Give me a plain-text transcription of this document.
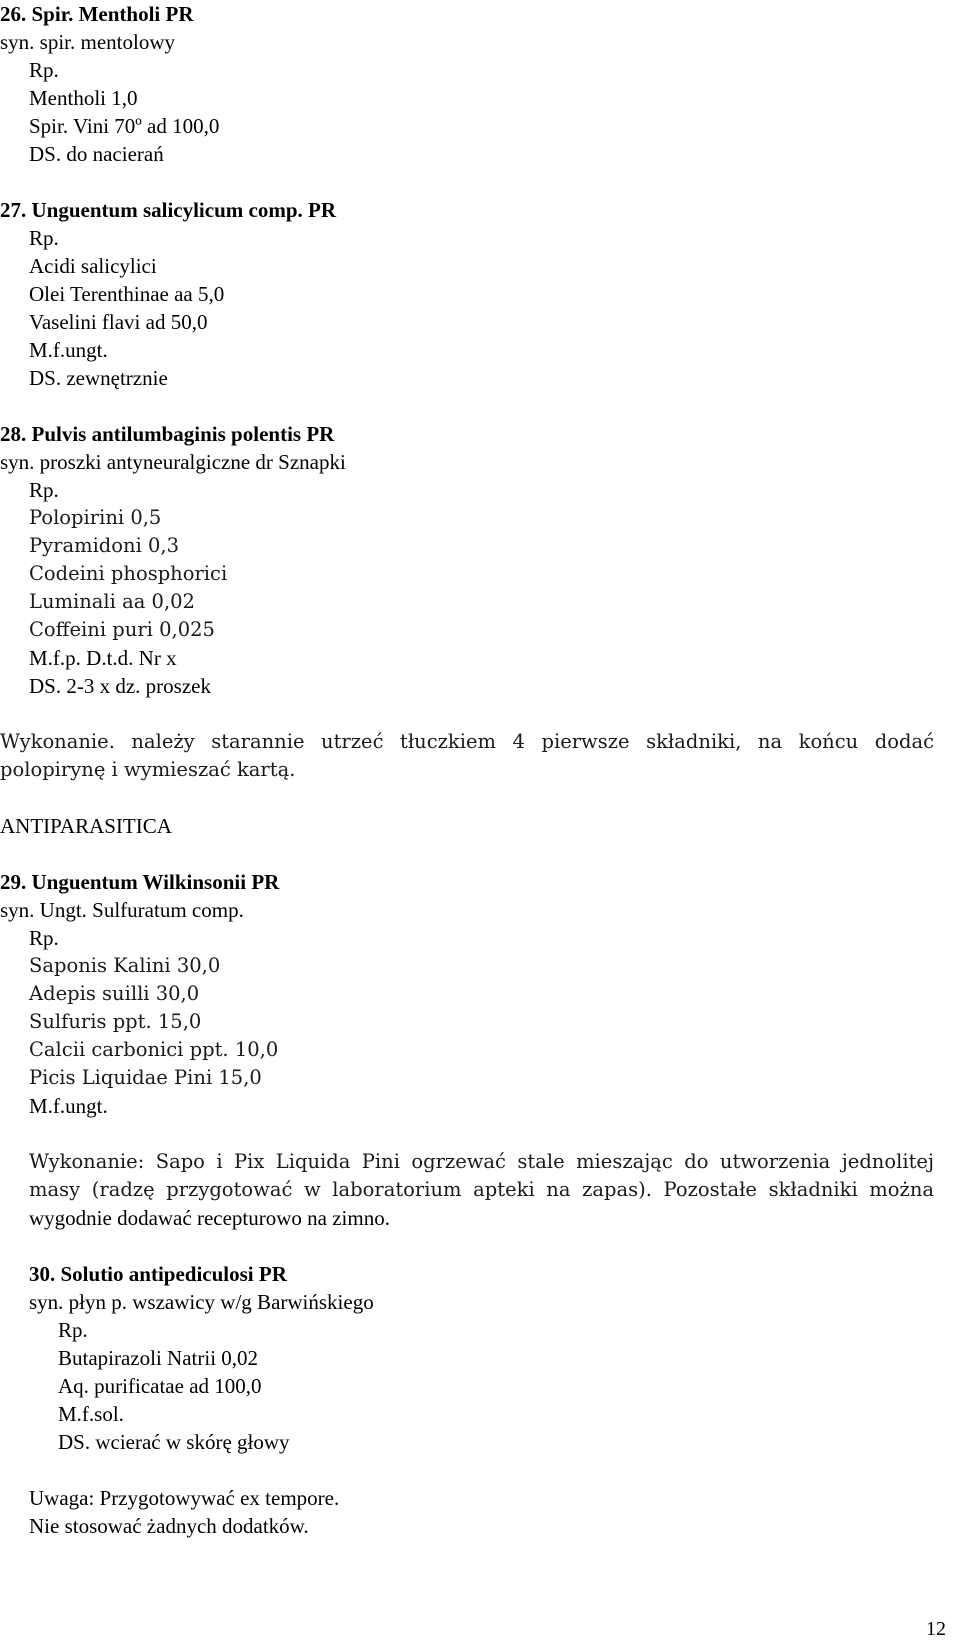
26. Spir. Mentholi PR
syn. spir. mentolowy
Rp.
Mentholi 1,0
Spir. Vini 70º ad 100,0
DS. do nacierań
27. Unguentum salicylicum comp. PR
Rp.
Acidi salicylici
Olei Terenthinae aa 5,0
Vaselini flavi ad 50,0
M.f.ungt.
DS. zewnętrznie
28. Pulvis antilumbaginis polentis PR
syn. proszki antyneuralgiczne dr Sznapki
Rp.
Polopirini 0,5
Pyramidoni 0,3
Codeini phosphorici
Luminali aa 0,02
Coffeini puri 0,025
M.f.p. D.t.d. Nr x
DS. 2-3 x dz. proszek
Wykonanie. należy starannie utrzeć tłuczkiem 4 pierwsze składniki, na końcu dodać
polopirynę i wymieszać kartą.
ANTIPARASITICA
29. Unguentum Wilkinsonii PR
syn. Ungt. Sulfuratum comp.
Rp.
Saponis Kalini 30,0
Adepis suilli 30,0
Sulfuris ppt. 15,0
Calcii carbonici ppt. 10,0
Picis Liquidae Pini 15,0
M.f.ungt.
Wykonanie: Sapo i Pix Liquida Pini ogrzewać stale mieszając do utworzenia jednolitej
masy (radzę przygotować w laboratorium apteki na zapas). Pozostałe składniki można
wygodnie dodawać recepturowo na zimno.
30. Solutio antipediculosi PR
syn. płyn p. wszawicy w/g Barwińskiego
Rp.
Butapirazoli Natrii 0,02
Aq. purificatae ad 100,0
M.f.sol.
DS. wcierać w skórę głowy
Uwaga: Przygotowywać ex tempore.
Nie stosować żadnych dodatków.
12
